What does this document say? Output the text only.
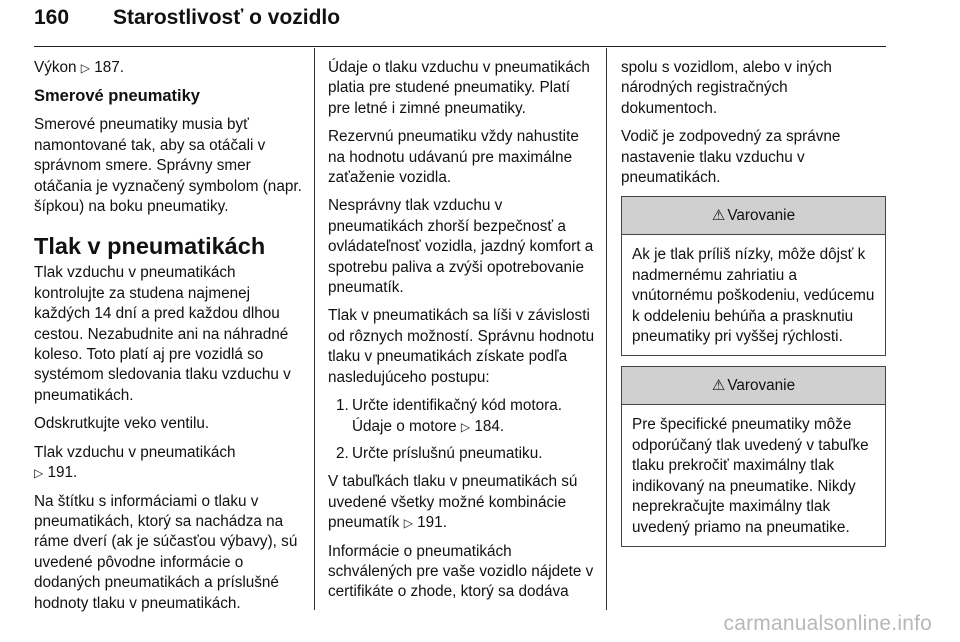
160 Starostlivosť o vozidlo

Výkon ▷ 187.

Smerové pneumatiky

Smerové pneumatiky musia byť namontované tak, aby sa otáčali v správnom smere. Správny smer otáčania je vyznačený symbolom (napr. šípkou) na boku pneumatiky.

Tlak v pneumatikách

Tlak vzduchu v pneumatikách kontrolujte za studena najmenej každých 14 dní a pred každou dlhou cestou. Nezabudnite ani na náhradné koleso. Toto platí aj pre vozidlá so systémom sledovania tlaku vzduchu v pneumatikách.

Odskrutkujte veko ventilu.

Tlak vzduchu v pneumatikách
▷ 191.

Na štítku s informáciami o tlaku v pneumatikách, ktorý sa nachádza na ráme dverí (ak je súčasťou výbavy), sú uvedené pôvodne informácie o dodaných pneumatikách a príslušné hodnoty tlaku v pneumatikách.

Údaje o tlaku vzduchu v pneumatikách platia pre studené pneumatiky. Platí pre letné i zimné pneumatiky.

Rezervnú pneumatiku vždy nahustite na hodnotu udávanú pre maximálne zaťaženie vozidla.

Nesprávny tlak vzduchu v pneumatikách zhorší bezpečnosť a ovládateľnosť vozidla, jazdný komfort a spotrebu paliva a zvýši opotrebovanie pneumatík.

Tlak v pneumatikách sa líši v závislosti od rôznych možností. Správnu hodnotu tlaku v pneumatikách získate podľa nasledujúceho postupu:

1. Určte identifikačný kód motora.
Údaje o motore ▷ 184.
2. Určte príslušnú pneumatiku.

V tabuľkách tlaku v pneumatikách sú uvedené všetky možné kombinácie pneumatík ▷ 191.

Informácie o pneumatikách schválených pre vaše vozidlo nájdete v certifikáte o zhode, ktorý sa dodáva

spolu s vozidlom, alebo v iných národných registračných dokumentoch.

Vodič je zodpovedný za správne nastavenie tlaku vzduchu v pneumatikách.

⚠ Varovanie
Ak je tlak príliš nízky, môže dôjsť k nadmernému zahriatiu a vnútornému poškodeniu, vedúcemu k oddeleniu behúňa a prasknutiu pneumatiky pri vyššej rýchlosti.
⚠ Varovanie
Pre špecifické pneumatiky môže odporúčaný tlak uvedený v tabuľke tlaku prekročiť maximálny tlak indikovaný na pneumatike. Nikdy neprekračujte maximálny tlak uvedený priamo na pneumatike.
carmanualsonline.info
